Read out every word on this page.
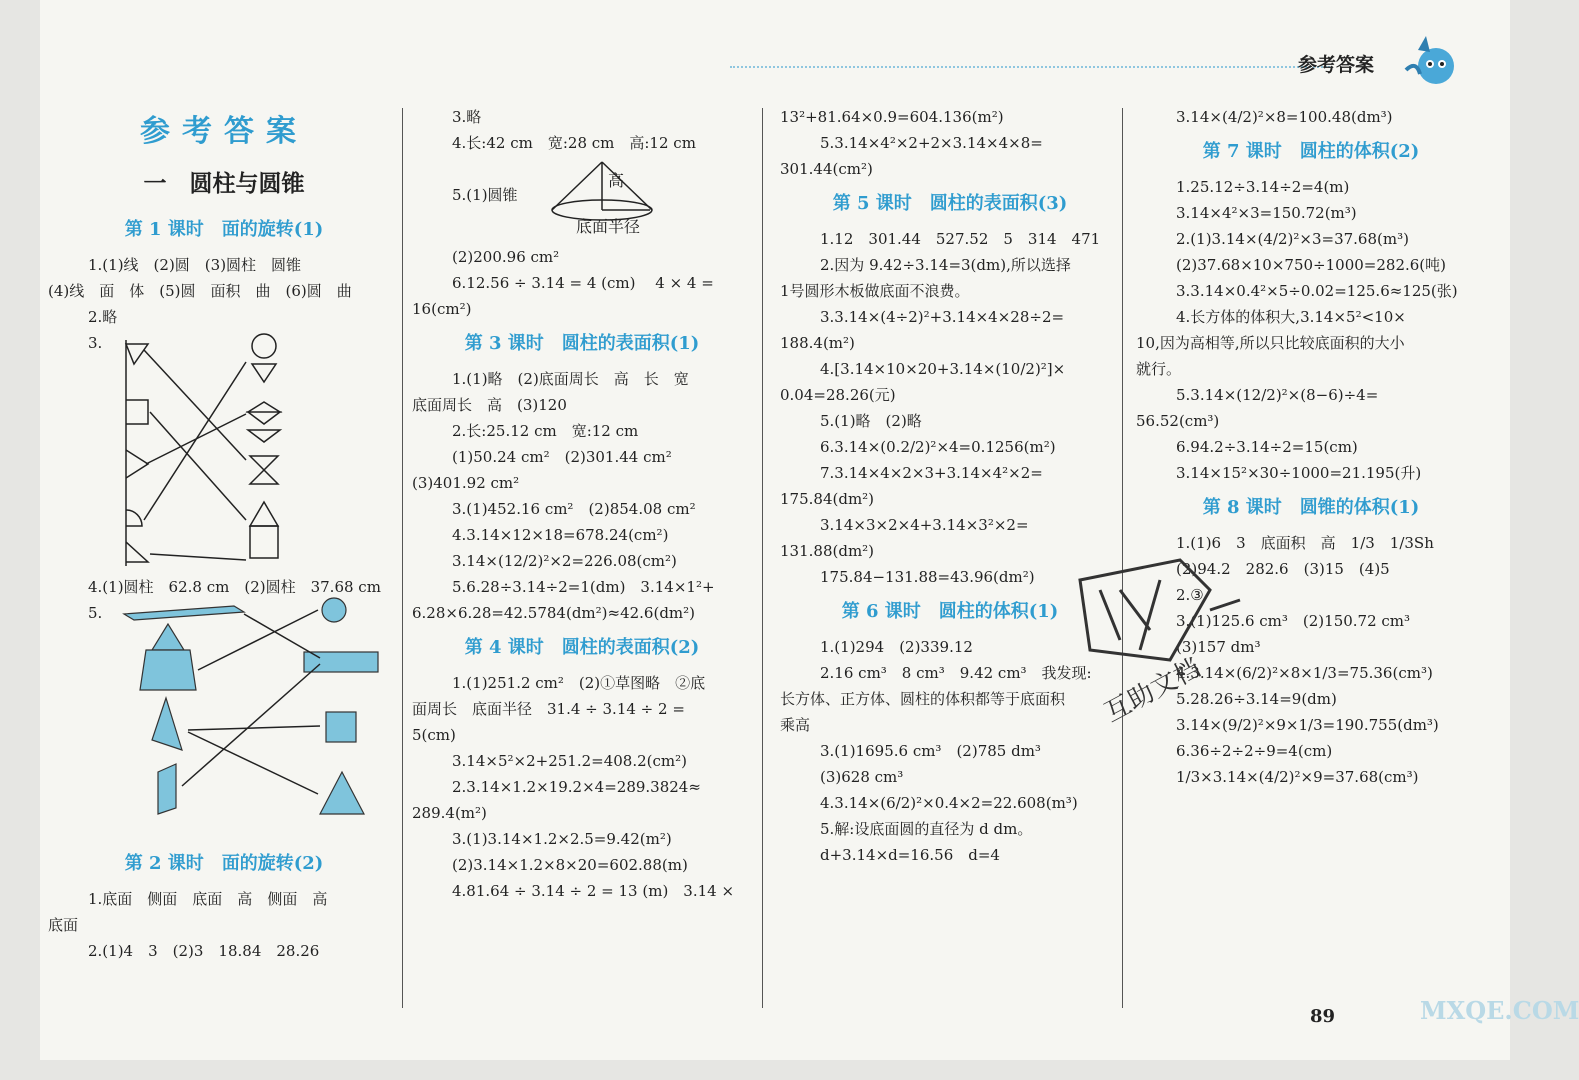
参考答案
参考答案
一　圆柱与圆锥
第 1 课时　面的旋转(1)
1.(1)线　(2)圆　(3)圆柱　圆锥
(4)线　面　体　(5)圆　面积　曲　(6)圆　曲
2.略
3.
4.(1)圆柱　62.8 cm　(2)圆柱　37.68 cm
5.
第 2 课时　面的旋转(2)
1.底面　侧面　底面　高　侧面　高
底面
2.(1)4　3　(2)3　18.84　28.26
3.略
4.长:42 cm　宽:28 cm　高:12 cm
5.(1)圆锥
高
底面半径
(2)200.96 cm²
6.12.56 ÷ 3.14 = 4 (cm)　 4 × 4 =
16(cm²)
第 3 课时　圆柱的表面积(1)
1.(1)略　(2)底面周长　高　长　宽
底面周长　高　(3)120
2.长:25.12 cm　宽:12 cm
(1)50.24 cm²　(2)301.44 cm²
(3)401.92 cm²
3.(1)452.16 cm²　(2)854.08 cm²
4.3.14×12×18=678.24(cm²)
3.14×(12/2)²×2=226.08(cm²)
5.6.28÷3.14÷2=1(dm)　3.14×1²+
6.28×6.28=42.5784(dm²)≈42.6(dm²)
第 4 课时　圆柱的表面积(2)
1.(1)251.2 cm²　(2)①草图略　②底
面周长　底面半径　31.4 ÷ 3.14 ÷ 2 =
5(cm)
3.14×5²×2+251.2=408.2(cm²)
2.3.14×1.2×19.2×4=289.3824≈
289.4(m²)
3.(1)3.14×1.2×2.5=9.42(m²)
(2)3.14×1.2×8×20=602.88(m)
4.81.64 ÷ 3.14 ÷ 2 = 13 (m)　3.14 ×
13²+81.64×0.9=604.136(m²)
5.3.14×4²×2+2×3.14×4×8=
301.44(cm²)
第 5 课时　圆柱的表面积(3)
1.12　301.44　527.52　5　314　471
2.因为 9.42÷3.14=3(dm),所以选择
1号圆形木板做底面不浪费。
3.3.14×(4÷2)²+3.14×4×28÷2=
188.4(m²)
4.[3.14×10×20+3.14×(10/2)²]×
0.04=28.26(元)
5.(1)略　(2)略
6.3.14×(0.2/2)²×4=0.1256(m²)
7.3.14×4×2×3+3.14×4²×2=
175.84(dm²)
3.14×3×2×4+3.14×3²×2=
131.88(dm²)
175.84−131.88=43.96(dm²)
第 6 课时　圆柱的体积(1)
1.(1)294　(2)339.12
2.16 cm³　8 cm³　9.42 cm³　我发现:
长方体、正方体、圆柱的体积都等于底面积
乘高
3.(1)1695.6 cm³　(2)785 dm³
(3)628 cm³
4.3.14×(6/2)²×0.4×2=22.608(m³)
5.解:设底面圆的直径为 d dm。
d+3.14×d=16.56　d=4
3.14×(4/2)²×8=100.48(dm³)
第 7 课时　圆柱的体积(2)
1.25.12÷3.14÷2=4(m)
3.14×4²×3=150.72(m³)
2.(1)3.14×(4/2)²×3=37.68(m³)
(2)37.68×10×750÷1000=282.6(吨)
3.3.14×0.4²×5÷0.02=125.6≈125(张)
4.长方体的体积大,3.14×5²<10×
10,因为高相等,所以只比较底面积的大小
就行。
5.3.14×(12/2)²×(8−6)÷4=
56.52(cm³)
6.94.2÷3.14÷2=15(cm)
3.14×15²×30÷1000=21.195(升)
第 8 课时　圆锥的体积(1)
1.(1)6　3　底面积　高　1/3　1/3Sh
(2)94.2　282.6　(3)15　(4)5
2.③
3.(1)125.6 cm³　(2)150.72 cm³
(3)157 dm³
4.3.14×(6/2)²×8×1/3=75.36(cm³)
5.28.26÷3.14=9(dm)
3.14×(9/2)²×9×1/3=190.755(dm³)
6.36÷2÷2÷9=4(cm)
1/3×3.14×(4/2)²×9=37.68(cm³)
互助文档
89	MXQE.COM
